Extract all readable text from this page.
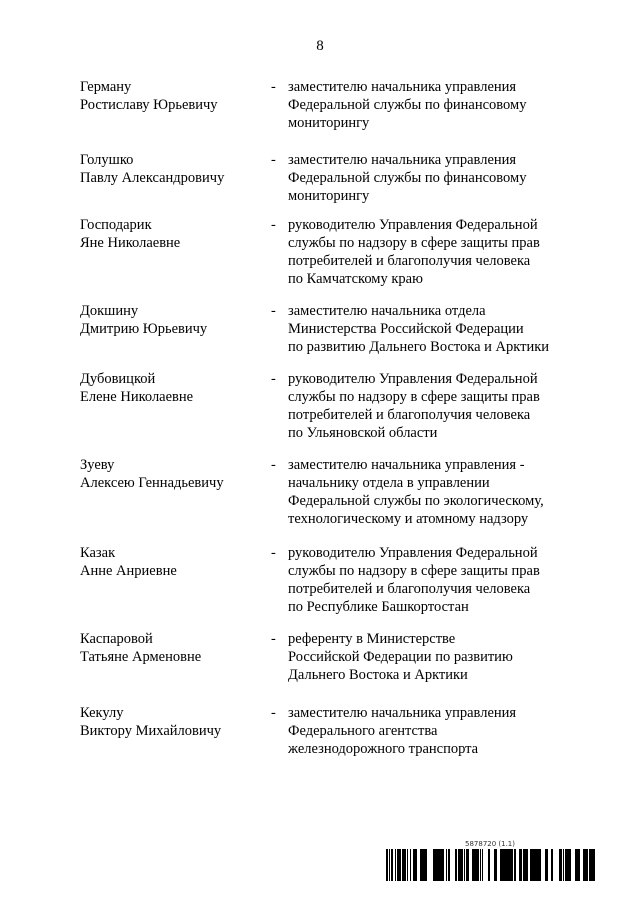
8
Герману
Ростиславу Юрьевичу
- заместителю начальника управления
Федеральной службы по финансовому
мониторингу
Голушко
Павлу Александровичу
- заместителю начальника управления
Федеральной службы по финансовому
мониторингу
Господарик
Яне Николаевне
- руководителю Управления Федеральной
службы по надзору в сфере защиты прав
потребителей и благополучия человека
по Камчатскому краю
Докшину
Дмитрию Юрьевичу
- заместителю начальника отдела
Министерства Российской Федерации
по развитию Дальнего Востока и Арктики
Дубовицкой
Елене Николаевне
- руководителю Управления Федеральной
службы по надзору в сфере защиты прав
потребителей и благополучия человека
по Ульяновской области
Зуеву
Алексею Геннадьевичу
- заместителю начальника управления -
начальнику отдела в управлении
Федеральной службы по экологическому,
технологическому и атомному надзору
Казак
Анне Анриевне
- руководителю Управления Федеральной
службы по надзору в сфере защиты прав
потребителей и благополучия человека
по Республике Башкортостан
Каспаровой
Татьяне Арменовне
- референту в Министерстве
Российской Федерации по развитию
Дальнего Востока и Арктики
Кекулу
Виктору Михайловичу
- заместителю начальника управления
Федерального агентства
железнодорожного транспорта
5878720 (1.1)
